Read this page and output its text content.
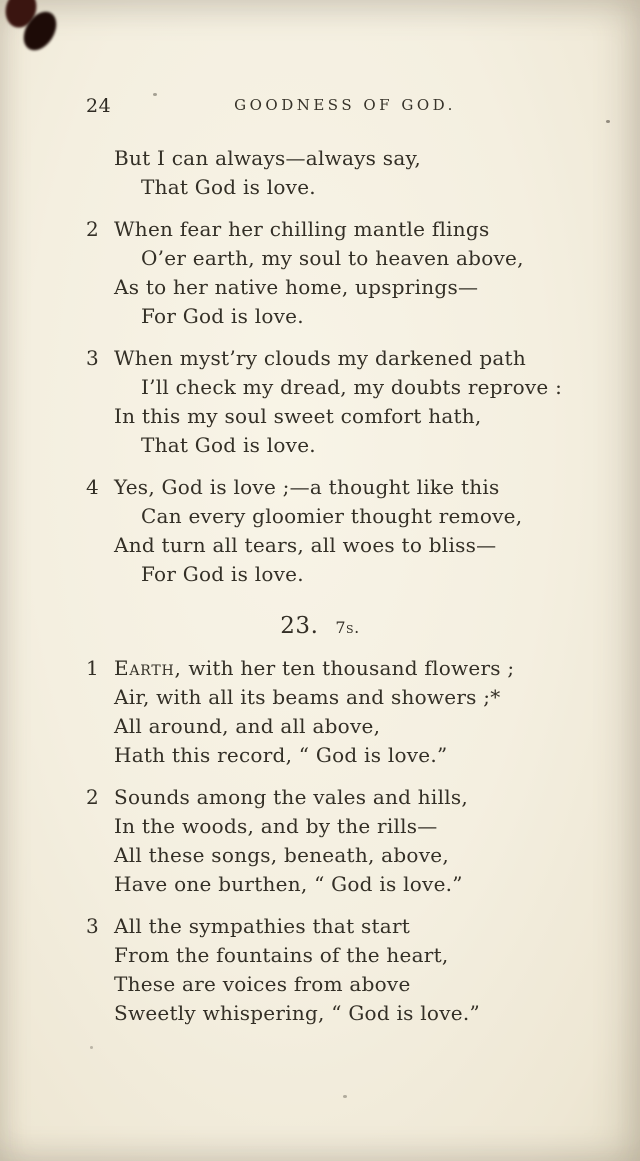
24	GOODNESS OF GOD.
But I can always—always say,
That God is love.
2 When fear her chilling mantle flings
O’er earth, my soul to heaven above,
As to her native home, upsprings—
For God is love.
3 When myst’ry clouds my darkened path
I’ll check my dread, my doubts reprove :
In this my soul sweet comfort hath,
That God is love.
4 Yes, God is love ;—a thought like this
Can every gloomier thought remove,
And turn all tears, all woes to bliss—
For God is love.
23. 7s.
1 Earth, with her ten thousand flowers ;
Air, with all its beams and showers ;*
All around, and all above,
Hath this record, “ God is love.”
2 Sounds among the vales and hills,
In the woods, and by the rills—
All these songs, beneath, above,
Have one burthen, “ God is love.”
3 All the sympathies that start
From the fountains of the heart,
These are voices from above
Sweetly whispering, “ God is love.”
